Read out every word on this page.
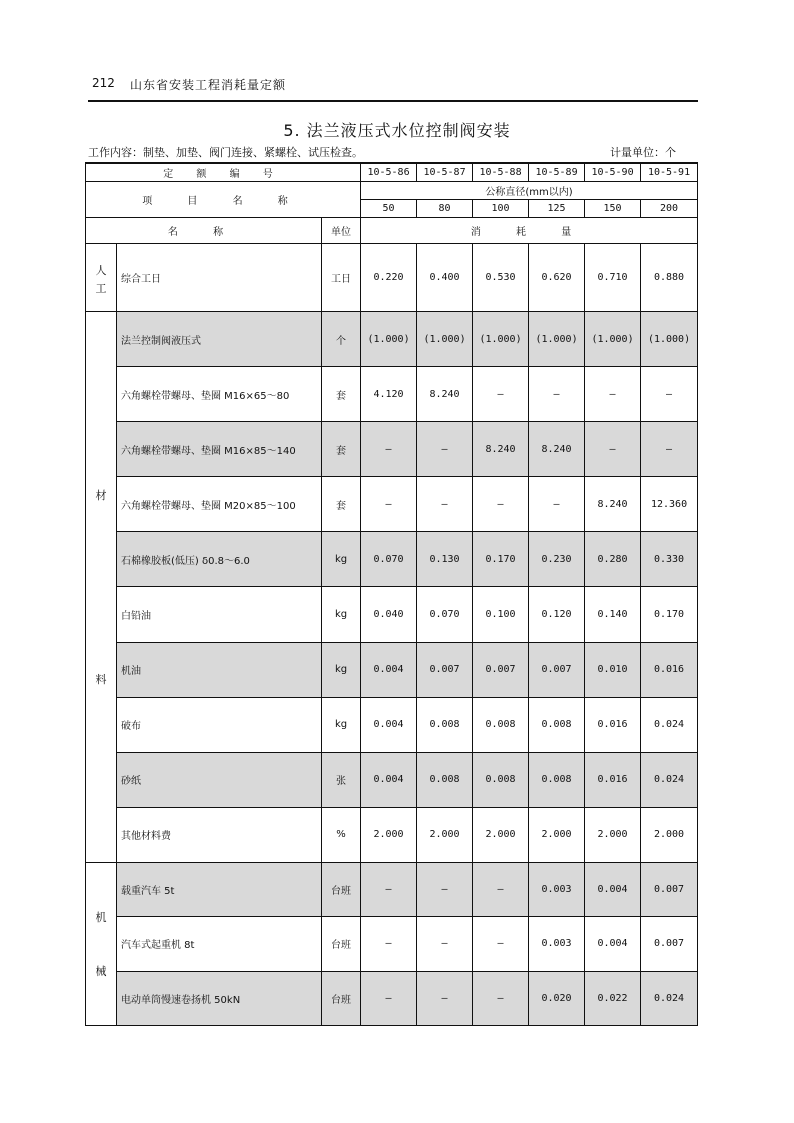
212 山东省安装工程消耗量定额
5. 法兰液压式水位控制阀安装
工作内容：制垫、加垫、阀门连接、紧螺栓、试压检查。	计量单位：个
定 额 编 号			10-5-86	10-5-87	10-5-88	10-5-89	10-5-90	10-5-91
项 目 名 称			公称直径(mm以内)					
			50	80	100	125	150	200
名 称		单位	消 耗 量					

人
工	综合工日	工日	0.220	0.400	0.530	0.620	0.710	0.880

材
料	法兰控制阀液压式	个	(1.000)	(1.000)	(1.000)	(1.000)	(1.000)	(1.000)
	六角螺栓带螺母、垫圈 M16×65～80	套	4.120	8.240	—	—	—	—
	六角螺栓带螺母、垫圈 M16×85～140	套	—	—	8.240	8.240	—	—
	六角螺栓带螺母、垫圈 M20×85～100	套	—	—	—	—	8.240	12.360
	石棉橡胶板(低压) δ0.8～6.0	kg	0.070	0.130	0.170	0.230	0.280	0.330
	白铅油	kg	0.040	0.070	0.100	0.120	0.140	0.170
	机油	kg	0.004	0.007	0.007	0.007	0.010	0.016
	破布	kg	0.004	0.008	0.008	0.008	0.016	0.024
	砂纸	张	0.004	0.008	0.008	0.008	0.016	0.024
	其他材料费	%	2.000	2.000	2.000	2.000	2.000	2.000

机
械	载重汽车 5t	台班	—	—	—	0.003	0.004	0.007
	汽车式起重机 8t	台班	—	—	—	0.003	0.004	0.007
	电动单筒慢速卷扬机 50kN	台班	—	—	—	0.020	0.022	0.024
